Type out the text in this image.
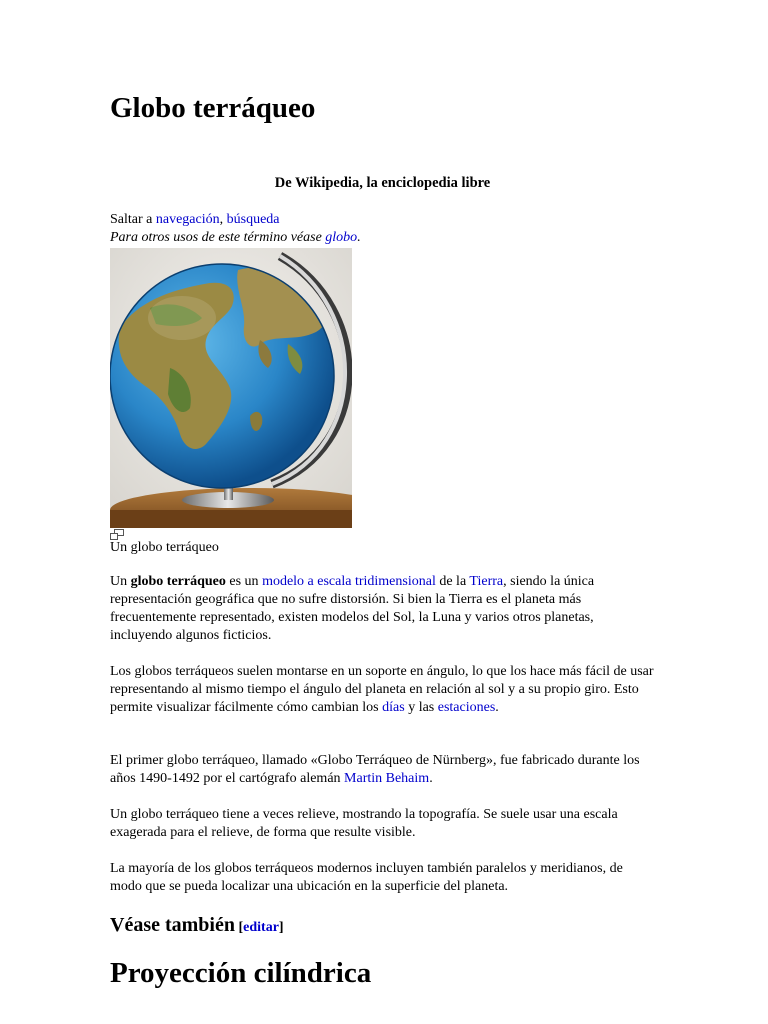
Globo terráqueo
De Wikipedia, la enciclopedia libre
Saltar a navegación, búsqueda
Para otros usos de este término véase globo.
Un globo terráqueo

Un globo terráqueo es un modelo a escala tridimensional de la Tierra, siendo la única representación geográfica que no sufre distorsión. Si bien la Tierra es el planeta más frecuentemente representado, existen modelos del Sol, la Luna y varios otros planetas, incluyendo algunos ficticios.

Los globos terráqueos suelen montarse en un soporte en ángulo, lo que los hace más fácil de usar representando al mismo tiempo el ángulo del planeta en relación al sol y a su propio giro. Esto permite visualizar fácilmente cómo cambian los días y las estaciones.

El primer globo terráqueo, llamado «Globo Terráqueo de Nürnberg», fue fabricado durante los años 1490-1492 por el cartógrafo alemán Martin Behaim.

Un globo terráqueo tiene a veces relieve, mostrando la topografía. Se suele usar una escala exagerada para el relieve, de forma que resulte visible.

La mayoría de los globos terráqueos modernos incluyen también paralelos y meridianos, de modo que se pueda localizar una ubicación en la superficie del planeta.

Véase también [editar]
Proyección cilíndrica
